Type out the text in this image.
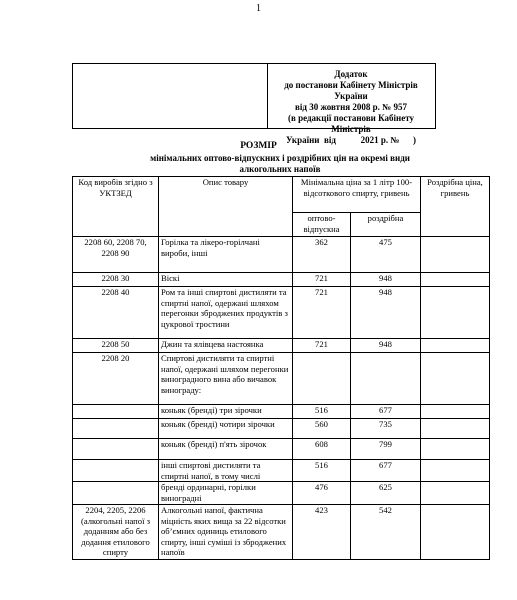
1
Додаток
до постанови Кабінету Міністрів України
від 30 жовтня 2008 р. № 957
(в редакції постанови Кабінету Міністрів
України  від           2021 р. №      )
РОЗМІР
мінімальних оптово-відпускних і роздрібних цін на окремі види алкогольних напоїв
Код виробів згідно з УКТЗЕД	Опис товару	Мінімальна ціна за 1 літр 100-відсоткового спирту, гривень		Роздрібна ціна, гривень
		оптово-відпускна	роздрібна	
2208 60, 2208 70, 2208 90	Горілка та лікеро-горілчані вироби, інші	362	475	
2208 30	Віскі	721	948	
2208 40	Ром та інші спиртові дистиляти та спиртні напої, одержані шляхом перегонки зброджених продуктів з цукрової тростини	721	948	
2208 50	Джин та ялівцева настоянка	721	948	
2208 20	Спиртові дистиляти та спиртні напої, одержані шляхом перегонки виноградного вина або вичавок винограду:			
	коньяк (бренді) три зірочки	516	677	
	коньяк (бренді) чотири зірочки	560	735	
	коньяк (бренді) п'ять зірочок	608	799	
	інші спиртові дистиляти та спиртні напої, в тому числі	516	677	
	бренді ординарні, горілки виноградні	476	625	
2204, 2205, 2206 (алкогольні напої з доданням або без додання етилового спирту	Алкогольні напої, фактична міцність яких вища за 22 відсотки об’ємних одиниць етилового спирту, інші суміші із зброджених напоїв	423	542	
